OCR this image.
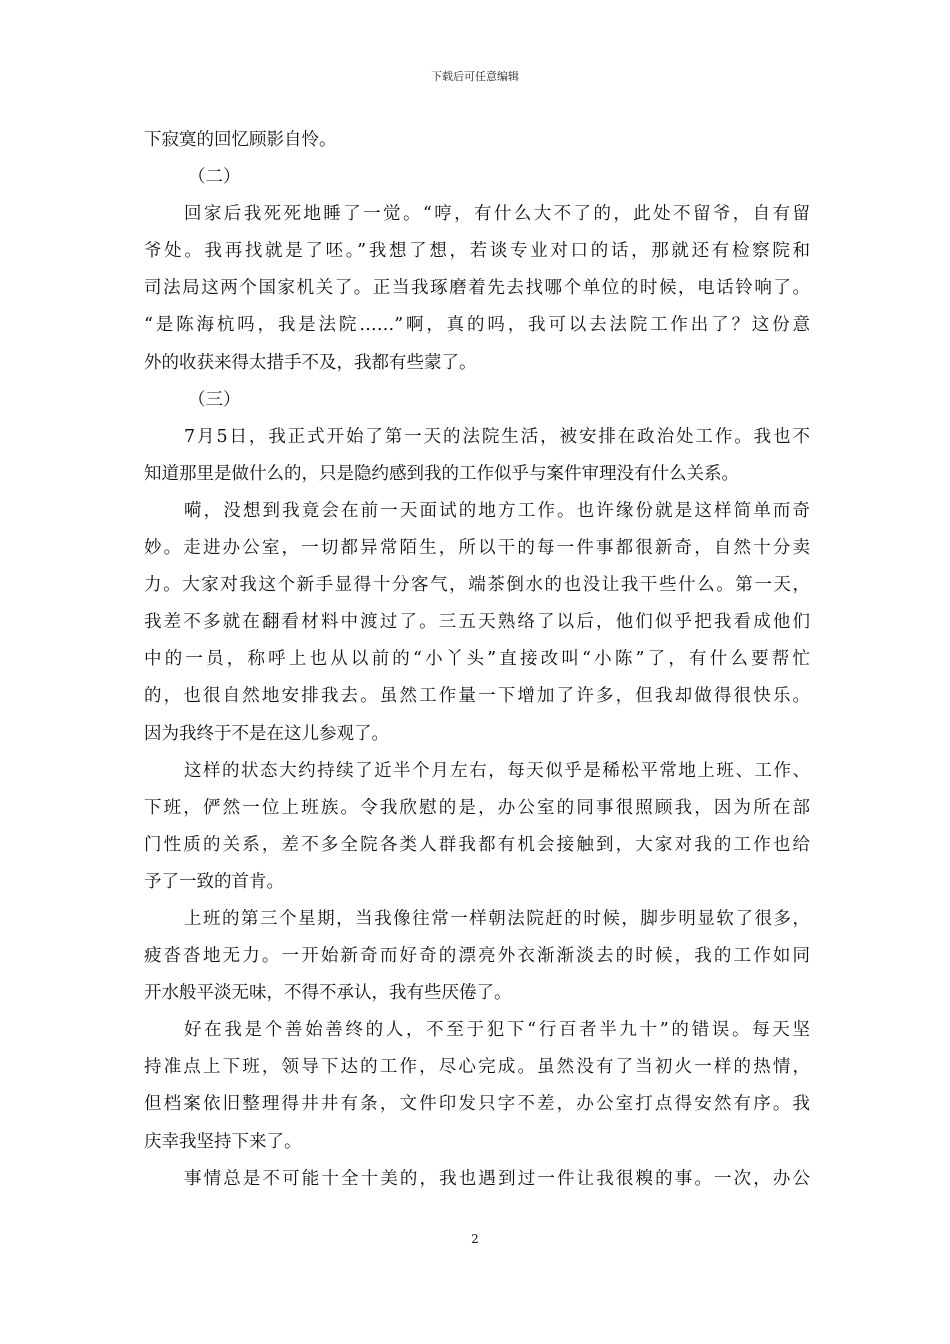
下载后可任意编辑
下寂寞的回忆顾影自怜。
（二）
回家后我死死地睡了一觉。“哼，有什么大不了的，此处不留爷，自有留
爷处。我再找就是了呸。”我想了想，若谈专业对口的话，那就还有检察院和
司法局这两个国家机关了。正当我琢磨着先去找哪个单位的时候，电话铃响了。
“是陈海杭吗，我是法院……”啊，真的吗，我可以去法院工作出了？这份意
外的收获来得太措手不及，我都有些蒙了。
（三）
7月5日，我正式开始了第一天的法院生活，被安排在政治处工作。我也不
知道那里是做什么的，只是隐约感到我的工作似乎与案件审理没有什么关系。
嗬，没想到我竟会在前一天面试的地方工作。也许缘份就是这样简单而奇
妙。走进办公室，一切都异常陌生，所以干的每一件事都很新奇，自然十分卖
力。大家对我这个新手显得十分客气，端茶倒水的也没让我干些什么。第一天，
我差不多就在翻看材料中渡过了。三五天熟络了以后，他们似乎把我看成他们
中的一员，称呼上也从以前的“小丫头”直接改叫“小陈”了，有什么要帮忙
的，也很自然地安排我去。虽然工作量一下增加了许多，但我却做得很快乐。
因为我终于不是在这儿参观了。
这样的状态大约持续了近半个月左右，每天似乎是稀松平常地上班、工作、
下班，俨然一位上班族。令我欣慰的是，办公室的同事很照顾我，因为所在部
门性质的关系，差不多全院各类人群我都有机会接触到，大家对我的工作也给
予了一致的首肯。
上班的第三个星期，当我像往常一样朝法院赶的时候，脚步明显软了很多，
疲沓沓地无力。一开始新奇而好奇的漂亮外衣渐渐淡去的时候，我的工作如同
开水般平淡无味，不得不承认，我有些厌倦了。
好在我是个善始善终的人，不至于犯下“行百者半九十”的错误。每天坚
持准点上下班，领导下达的工作，尽心完成。虽然没有了当初火一样的热情，
但档案依旧整理得井井有条，文件印发只字不差，办公室打点得安然有序。我
庆幸我坚持下来了。
事情总是不可能十全十美的，我也遇到过一件让我很糗的事。一次，办公
2
